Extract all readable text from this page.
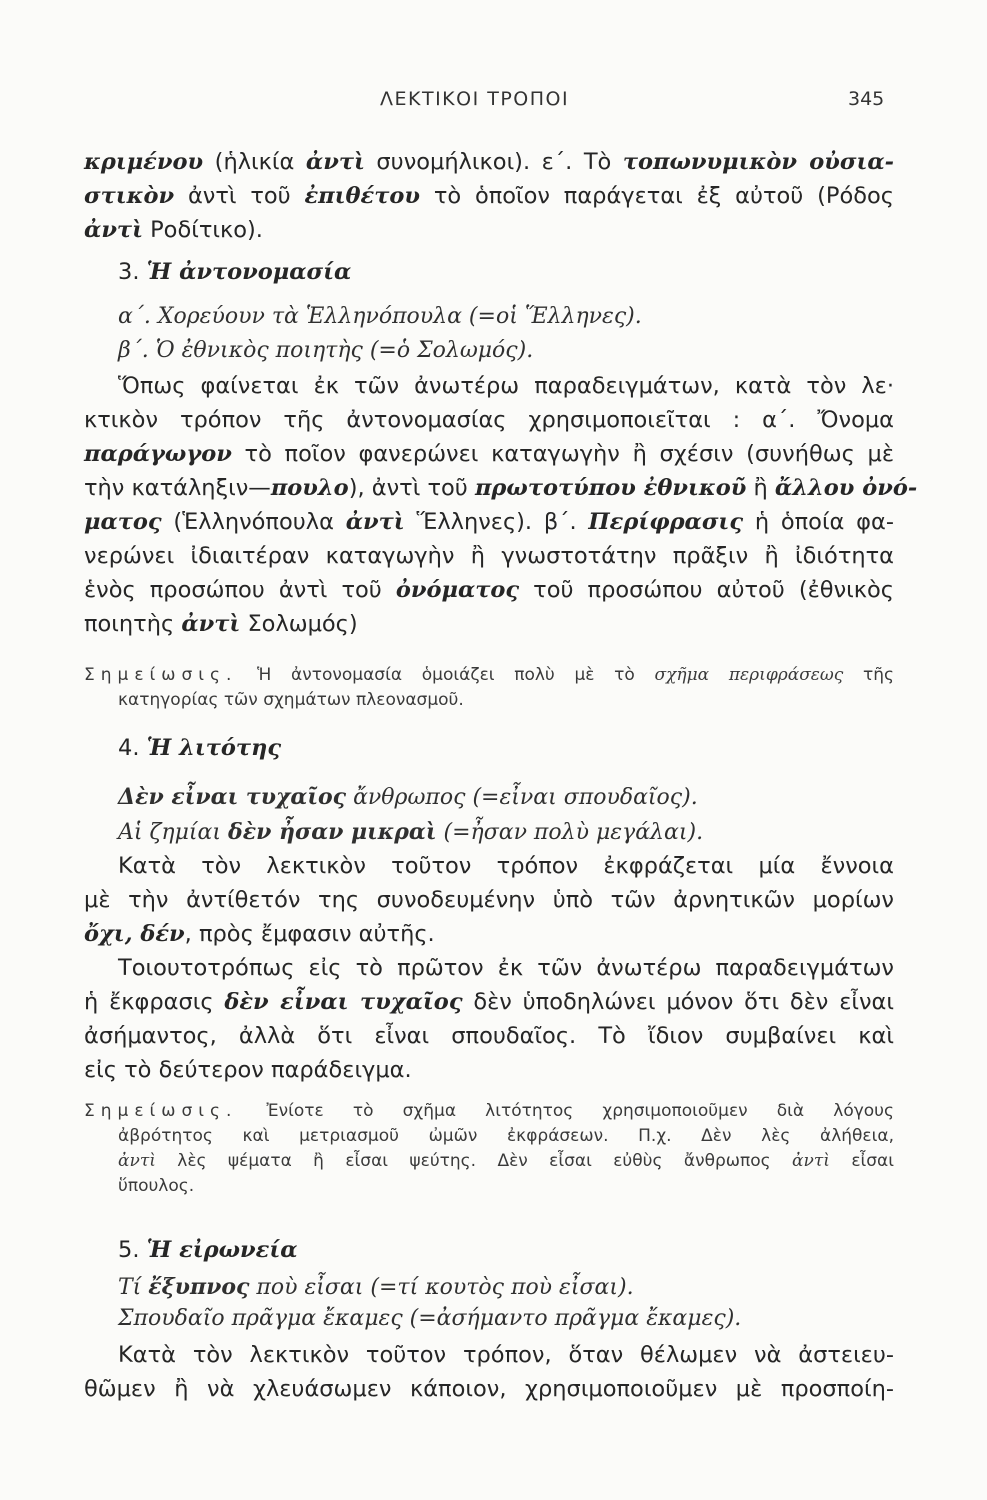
ΛΕΚΤΙΚΟΙ ΤΡΟΠΟΙ	345
κριμένου (ἡλικία ἀντὶ συνομήλικοι). ε΄. Τὸ τοπωνυμικὸν οὐσια-
στικὸν ἀντὶ τοῦ ἐπιθέτου τὸ ὁποῖον παράγεται ἐξ αὐτοῦ (Ρόδος
ἀντὶ Ροδίτικο).
3. Ἡ ἀντονομασία
α΄. Χορεύουν τὰ Ἑλληνόπουλα (=οἱ Ἕλληνες).
β΄. Ὁ ἐθνικὸς ποιητὴς (=ὁ Σολωμός).
Ὅπως φαίνεται ἐκ τῶν ἀνωτέρω παραδειγμάτων, κατὰ τὸν λε·
κτικὸν τρόπον τῆς ἀντονομασίας χρησιμοποιεῖται : α΄. Ὄνομα
παράγωγον τὸ ποῖον φανερώνει καταγωγὴν ἢ σχέσιν (συνήθως μὲ
τὴν κατάληξιν—πουλο), ἀντὶ τοῦ πρωτοτύπου ἐθνικοῦ ἢ ἄλλου ὀνό-
ματος (Ἑλληνόπουλα ἀντὶ Ἕλληνες). β΄. Περίφρασις ἡ ὁποία φα-
νερώνει ἰδιαιτέραν καταγωγὴν ἢ γνωστοτάτην πρᾶξιν ἢ ἰδιότητα
ἑνὸς προσώπου ἀντὶ τοῦ ὀνόματος τοῦ προσώπου αὐτοῦ (ἐθνικὸς
ποιητὴς ἀντὶ Σολωμός)
Σημείωσις. Ἡ ἀντονομασία ὁμοιάζει πολὺ μὲ τὸ σχῆμα περιφράσεως τῆς
κατηγορίας τῶν σχημάτων πλεονασμοῦ.
4. Ἡ λιτότης
Δὲν εἶναι τυχαῖος ἄνθρωπος (=εἶναι σπουδαῖος).
Αἱ ζημίαι δὲν ἦσαν μικραὶ (=ἦσαν πολὺ μεγάλαι).
Κατὰ τὸν λεκτικὸν τοῦτον τρόπον ἐκφράζεται μία ἔννοια
μὲ τὴν ἀντίθετόν της συνοδευμένην ὑπὸ τῶν ἀρνητικῶν μορίων
ὄχι, δέν, πρὸς ἔμφασιν αὐτῆς.
Τοιουτοτρόπως εἰς τὸ πρῶτον ἐκ τῶν ἀνωτέρω παραδειγμάτων
ἡ ἔκφρασις δὲν εἶναι τυχαῖος δὲν ὑποδηλώνει μόνον ὅτι δὲν εἶναι
ἀσήμαντος, ἀλλὰ ὅτι εἶναι σπουδαῖος. Τὸ ἴδιον συμβαίνει καὶ
εἰς τὸ δεύτερον παράδειγμα.
Σημείωσις. Ἐνίοτε τὸ σχῆμα λιτότητος χρησιμοποιοῦμεν διὰ λόγους
ἀβρότητος καὶ μετριασμοῦ ὠμῶν ἐκφράσεων. Π.χ. Δὲν λὲς ἀλήθεια,
ἀντὶ λὲς ψέματα ἢ εἶσαι ψεύτης. Δὲν εἶσαι εὐθὺς ἄνθρωπος ἀντὶ εἶσαι
ὕπουλος.
5. Ἡ εἰρωνεία
Τί ἔξυπνος ποὺ εἶσαι (=τί κουτὸς ποὺ εἶσαι).
Σπουδαῖο πρᾶγμα ἔκαμες (=ἀσήμαντο πρᾶγμα ἔκαμες).
Κατὰ τὸν λεκτικὸν τοῦτον τρόπον, ὅταν θέλωμεν νὰ ἀστειευ-
θῶμεν ἢ νὰ χλευάσωμεν κάποιον, χρησιμοποιοῦμεν μὲ προσποίη-
